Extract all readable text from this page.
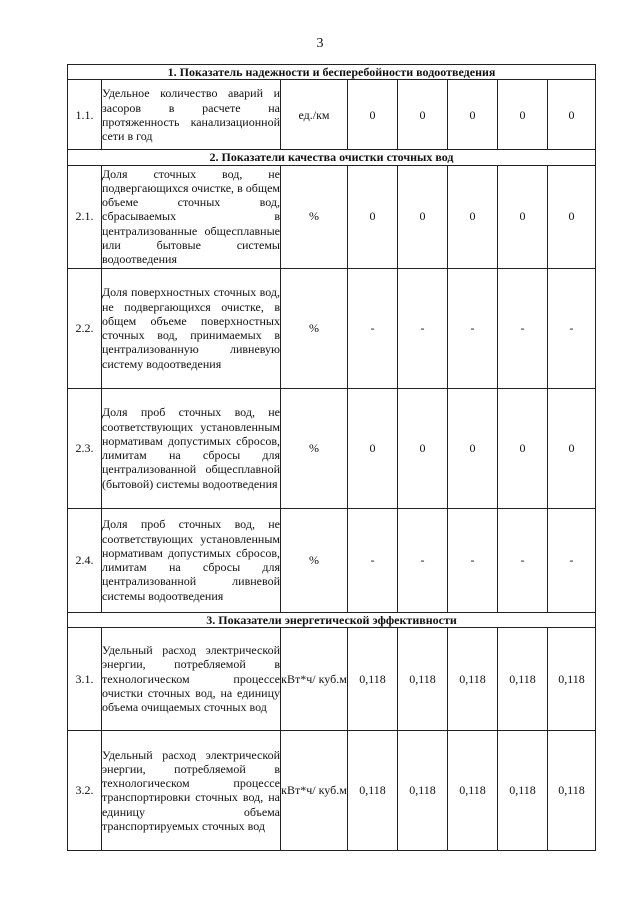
3
1. Показатель надежности и бесперебойности водоотведения							
1.1.	Удельное количество аварий и засоров в расчете на протяженность канализационной сети в год	ед./км	0	0	0	0	0
2. Показатели качества очистки сточных вод							
2.1.	Доля сточных вод, не подвергающихся очистке, в общем объеме сточных вод, сбрасываемых в централизованные общесплавные или бытовые системы водоотведения	%	0	0	0	0	0
2.2.	Доля поверхностных сточных вод, не подвергающихся очистке, в общем объеме поверхностных сточных вод, принимаемых в централизованную ливневую систему водоотведения	%	-	-	-	-	-
2.3.	Доля проб сточных вод, не соответствующих установленным нормативам допустимых сбросов, лимитам на сбросы для централизованной общесплавной (бытовой) системы водоотведения	%	0	0	0	0	0
2.4.	Доля проб сточных вод, не соответствующих установленным нормативам допустимых сбросов, лимитам на сбросы для централизованной ливневой системы водоотведения	%	-	-	-	-	-
3. Показатели энергетической эффективности							
3.1.	Удельный расход электрической энергии, потребляемой в технологическом процессе очистки сточных вод, на единицу объема очищаемых сточных вод	кВт*ч/ куб.м	0,118	0,118	0,118	0,118	0,118
3.2.	Удельный расход электрической энергии, потребляемой в технологическом процессе транспортировки сточных вод, на единицу объема транспортируемых сточных вод	кВт*ч/ куб.м	0,118	0,118	0,118	0,118	0,118
